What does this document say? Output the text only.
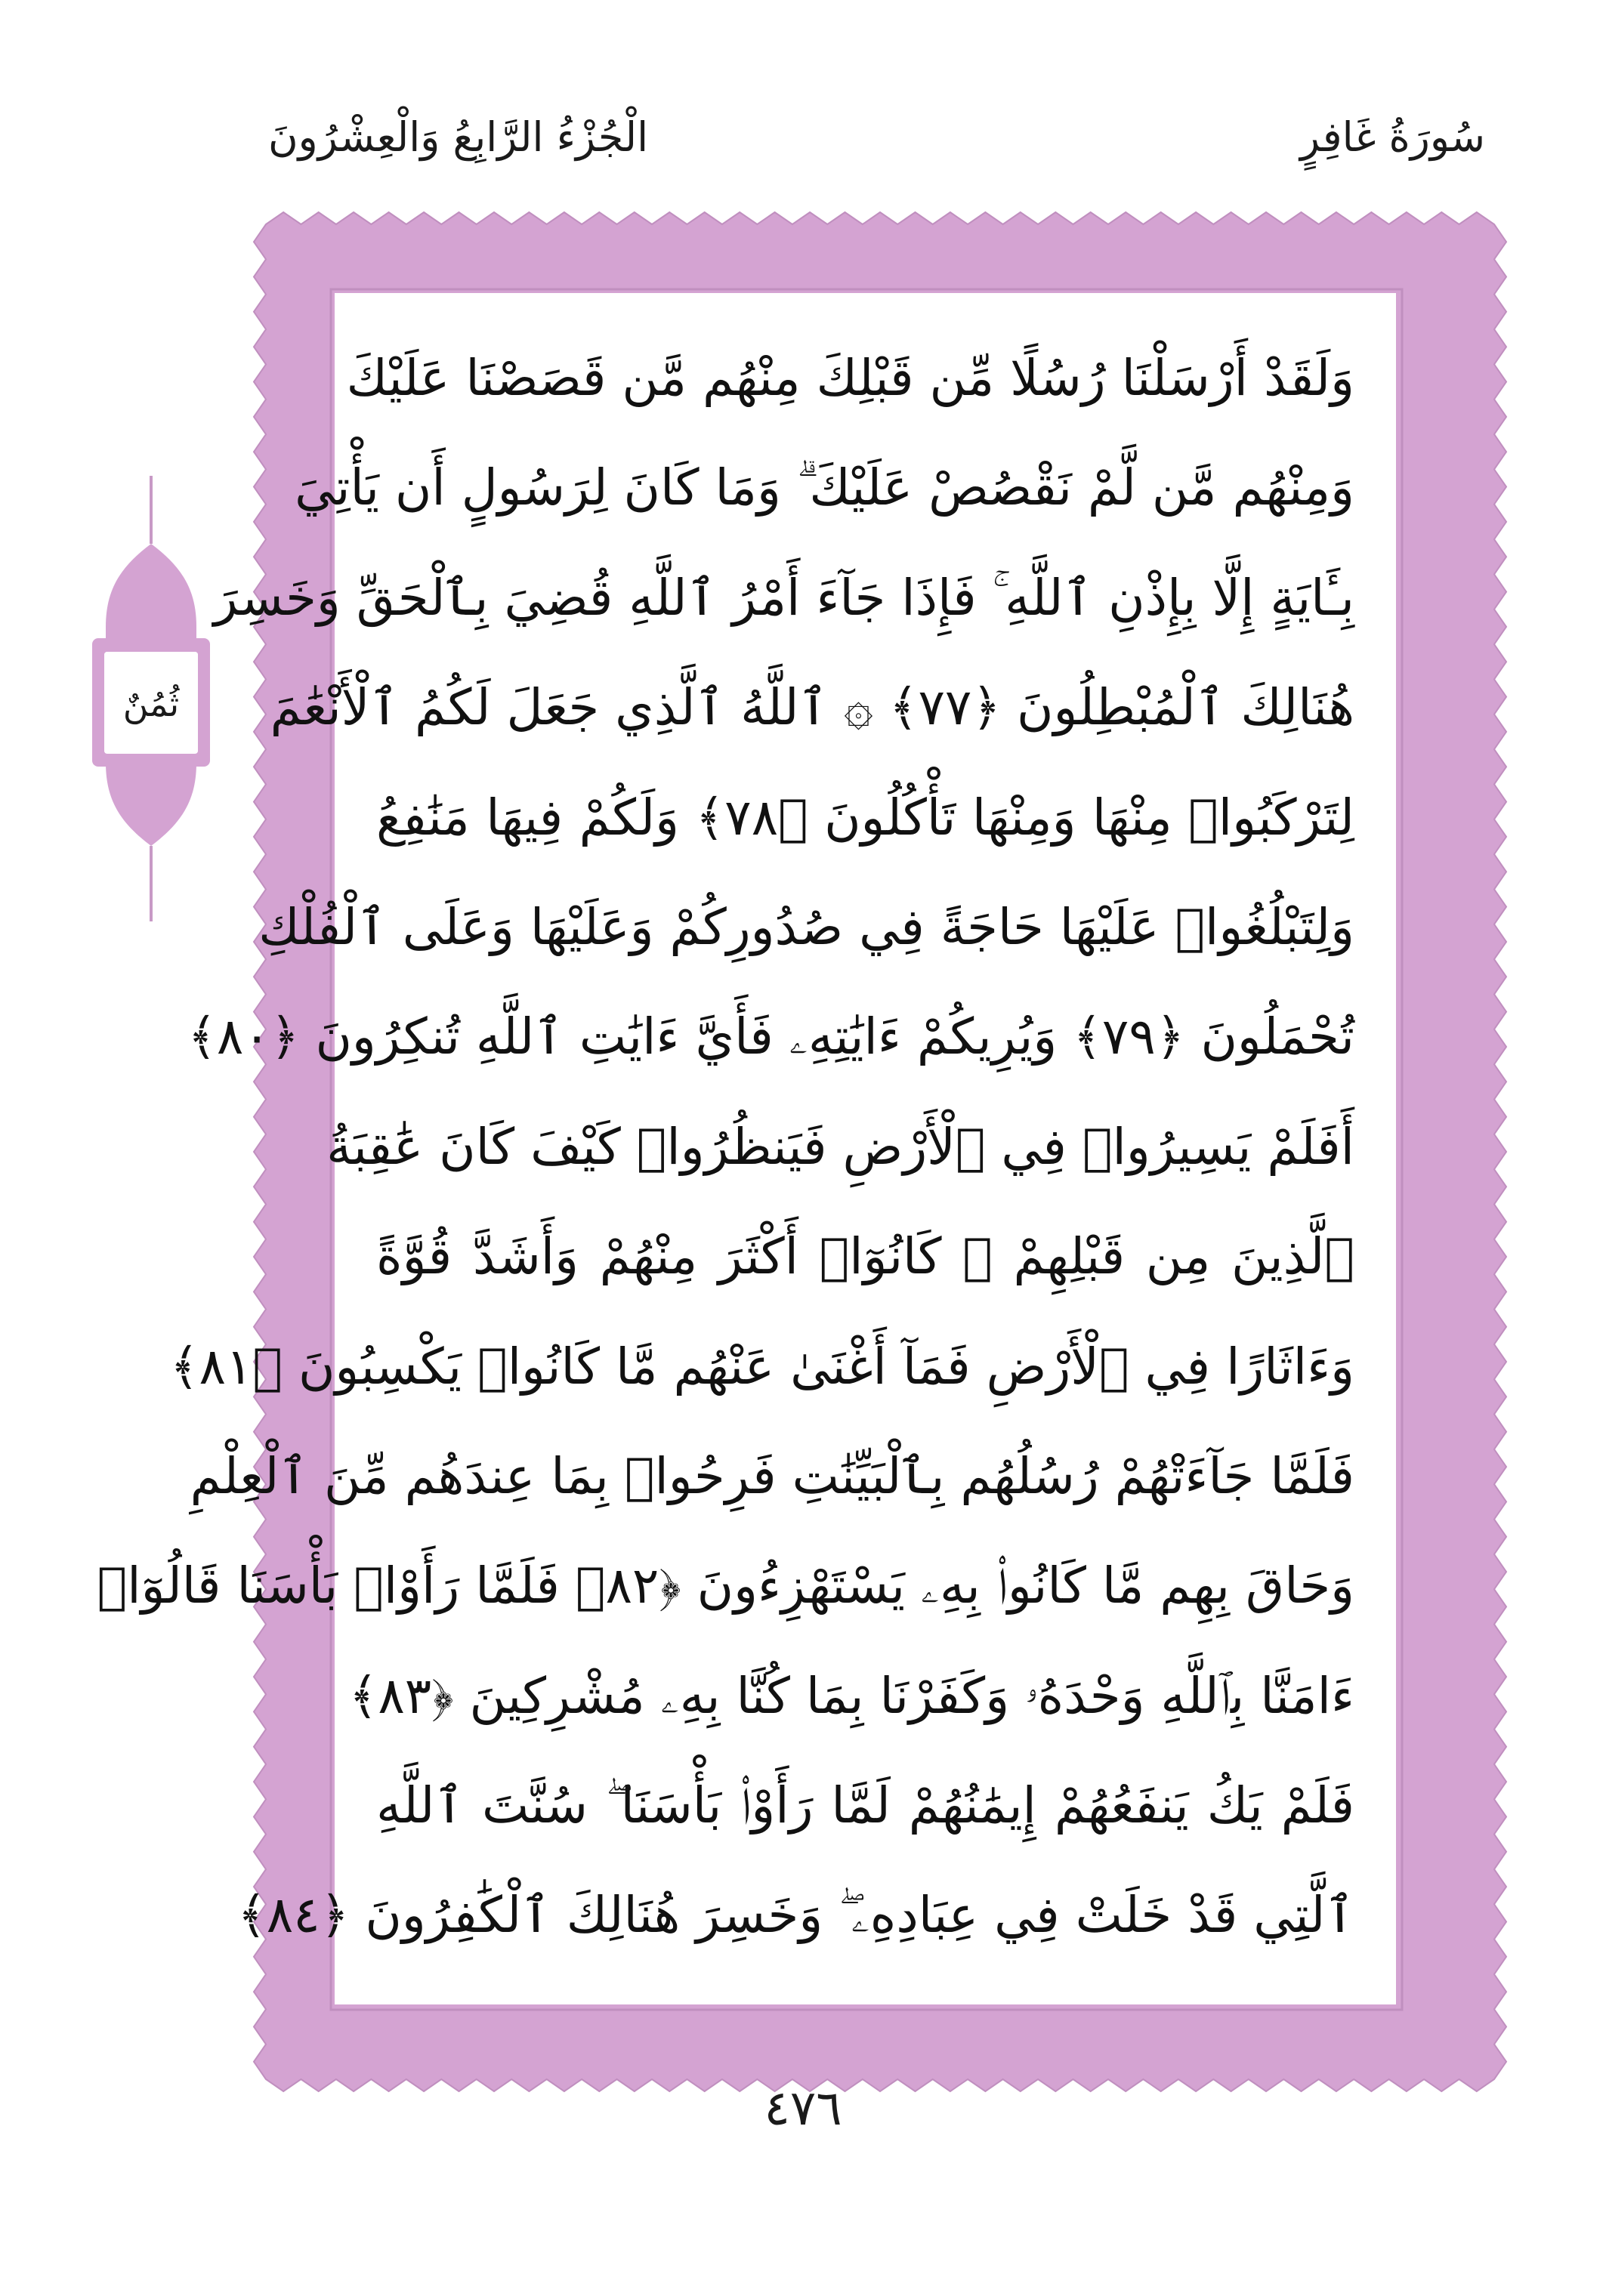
سُورَةُ غَافِرٍ
الْجُزْءُ الرَّابِعُ وَالْعِشْرُونَ
وَلَقَدْ أَرْسَلْنَا رُسُلًا مِّن قَبْلِكَ مِنْهُم مَّن قَصَصْنَا عَلَيْكَ
وَمِنْهُم مَّن لَّمْ نَقْصُصْ عَلَيْكَ ۗ وَمَا كَانَ لِرَسُولٍ أَن يَأْتِيَ
بِـَٔايَةٍ إِلَّا بِإِذْنِ ٱللَّهِ ۚ فَإِذَا جَآءَ أَمْرُ ٱللَّهِ قُضِيَ بِٱلْحَقِّ وَخَسِرَ
هُنَالِكَ ٱلْمُبْطِلُونَ ﴿٧٧﴾ ۞ ٱللَّهُ ٱلَّذِي جَعَلَ لَكُمُ ٱلْأَنْعَٰمَ
لِتَرْكَبُوا۟ مِنْهَا وَمِنْهَا تَأْكُلُونَ ﴿٧٨﴾ وَلَكُمْ فِيهَا مَنَٰفِعُ
وَلِتَبْلُغُوا۟ عَلَيْهَا حَاجَةً فِي صُدُورِكُمْ وَعَلَيْهَا وَعَلَى ٱلْفُلْكِ
تُحْمَلُونَ ﴿٧٩﴾ وَيُرِيكُمْ ءَايَٰتِهِۦ فَأَيَّ ءَايَٰتِ ٱللَّهِ تُنكِرُونَ ﴿٨٠﴾
أَفَلَمْ يَسِيرُوا۟ فِي ٱلْأَرْضِ فَيَنظُرُوا۟ كَيْفَ كَانَ عَٰقِبَةُ
ٱلَّذِينَ مِن قَبْلِهِمْ ۚ كَانُوٓا۟ أَكْثَرَ مِنْهُمْ وَأَشَدَّ قُوَّةً
وَءَاثَارًا فِي ٱلْأَرْضِ فَمَآ أَغْنَىٰ عَنْهُم مَّا كَانُوا۟ يَكْسِبُونَ ﴿٨١﴾
فَلَمَّا جَآءَتْهُمْ رُسُلُهُم بِٱلْبَيِّنَٰتِ فَرِحُوا۟ بِمَا عِندَهُم مِّنَ ٱلْعِلْمِ
وَحَاقَ بِهِم مَّا كَانُوا۟ بِهِۦ يَسْتَهْزِءُونَ ﴿٨٢﴾ فَلَمَّا رَأَوْا۟ بَأْسَنَا قَالُوٓا۟
ءَامَنَّا بِٱللَّهِ وَحْدَهُۥ وَكَفَرْنَا بِمَا كُنَّا بِهِۦ مُشْرِكِينَ ﴿٨٣﴾
فَلَمْ يَكُ يَنفَعُهُمْ إِيمَٰنُهُمْ لَمَّا رَأَوْا۟ بَأْسَنَا ۖ سُنَّتَ ٱللَّهِ
ٱلَّتِي قَدْ خَلَتْ فِي عِبَادِهِۦ ۖ وَخَسِرَ هُنَالِكَ ٱلْكَٰفِرُونَ ﴿٨٤﴾
ثُمُنٌ
٤٧٦
